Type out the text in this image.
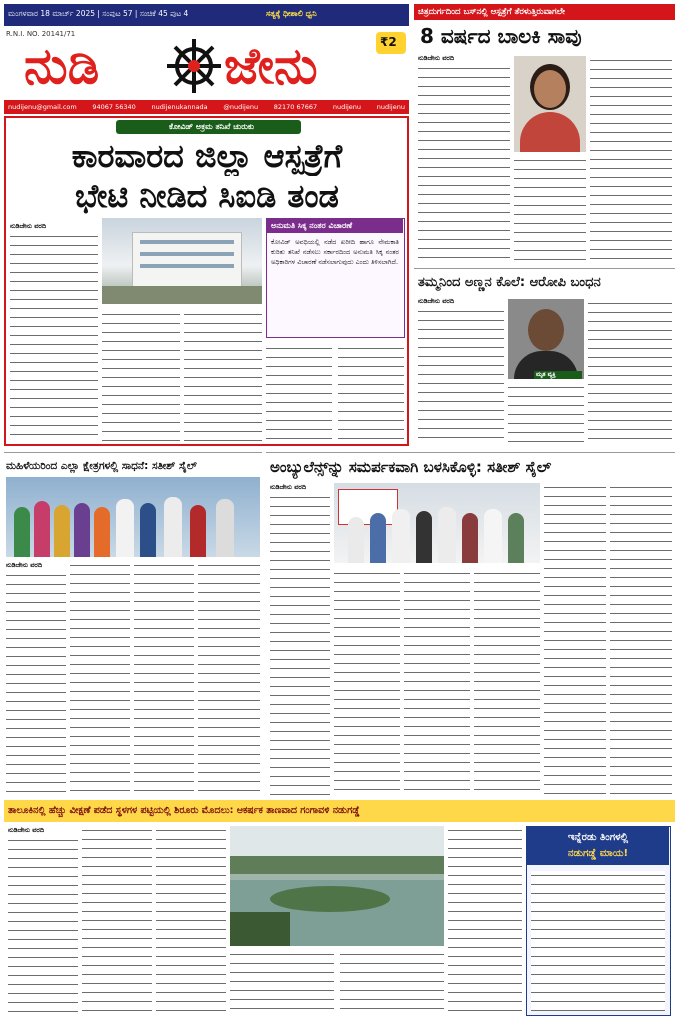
ಮಂಗಳವಾರ 18 ಮಾರ್ಚ್ 2025 | ಸಂಪುಟ 57 | ಸಂಚಿಕೆ 45 ಪುಟ 4	ಸತ್ಯಕ್ಕೆ ಧೀಶಾಲಿ ಧ್ವನಿ
R.N.I. NO. 20141/71
ನುಡಿ	ಜೇನು	₹2
nudijenu@gmail.com 94067 56340 nudijenukannada @nudijenu 82170 67667 nudijenu nudijenu
ಕೋವಿಡ್ ಅಕ್ರಮ ತನಿಖೆ ಚುರುಕು
ಕಾರವಾರದ ಜಿಲ್ಲಾ ಆಸ್ಪತ್ರೆಗೆ
ಭೇಟಿ ನೀಡಿದ ಸಿಐಡಿ ತಂಡ
ನುಡಿಜೇನು ವರದಿ	ಅನುಮತಿ ಸಿಕ್ಕ ನಂತರ ವಿಚಾರಣೆ
ಕೋವಿಡ್ ಅವಧಿಯಲ್ಲಿ ನಡೆದ ಖರೀದಿ ಹಾಗೂ ನೇಮಕಾತಿ ಕುರಿತು ತನಿಖೆ ನಡೆಸಲು ಸರ್ಕಾರದಿಂದ ಅನುಮತಿ ಸಿಕ್ಕ ನಂತರ ಅಧಿಕಾರಿಗಳ ವಿಚಾರಣೆ ನಡೆಸಲಾಗುವುದು ಎಂದು ತಿಳಿಸಲಾಗಿದೆ.
ಚಿತ್ರದುರ್ಗದಿಂದ ಬಸ್‌ನಲ್ಲಿ ಆಸ್ಪತ್ರೆಗೆ ತೆರಳುತ್ತಿರುವಾಗಲೇ
8 ವರ್ಷದ ಬಾಲಕಿ ಸಾವು
ನುಡಿಜೇನು ವರದಿ
ತಮ್ಮನಿಂದ ಅಣ್ಣನ ಕೊಲೆ: ಆರೋಪಿ ಬಂಧನ
ನುಡಿಜೇನು ವರದಿ
ಮೃತ ವ್ಯಕ್ತಿ
ಮಹಿಳೆಯರಿಂದ ಎಲ್ಲಾ ಕ್ಷೇತ್ರಗಳಲ್ಲಿ ಸಾಧನೆ: ಸತೀಶ್ ಸೈಲ್
ನುಡಿಜೇನು ವರದಿ
ಅಂಬ್ಯುಲೆನ್ಸ್‌ನ್ನು ಸಮರ್ಪಕವಾಗಿ ಬಳಸಿಕೊಳ್ಳಿ: ಸತೀಶ್ ಸೈಲ್
ನುಡಿಜೇನು ವರದಿ
ತಾಲೂಕಿನಲ್ಲಿ ಹೆಚ್ಚು ವೀಕ್ಷಣೆ ಪಡೆದ ಸ್ಥಳಗಳ ಪಟ್ಟಿಯಲ್ಲಿ ಶಿರೂರು ಮೊದಲು: ಆಕರ್ಷಕ ತಾಣವಾದ ಗಂಗಾವಳಿ ನಡುಗಡ್ಡೆ
ನುಡಿಜೇನು ವರದಿ
ಇನ್ನೆರಡು ತಿಂಗಳಲ್ಲಿ
ನಡುಗಡ್ಡೆ ಮಾಯ!
